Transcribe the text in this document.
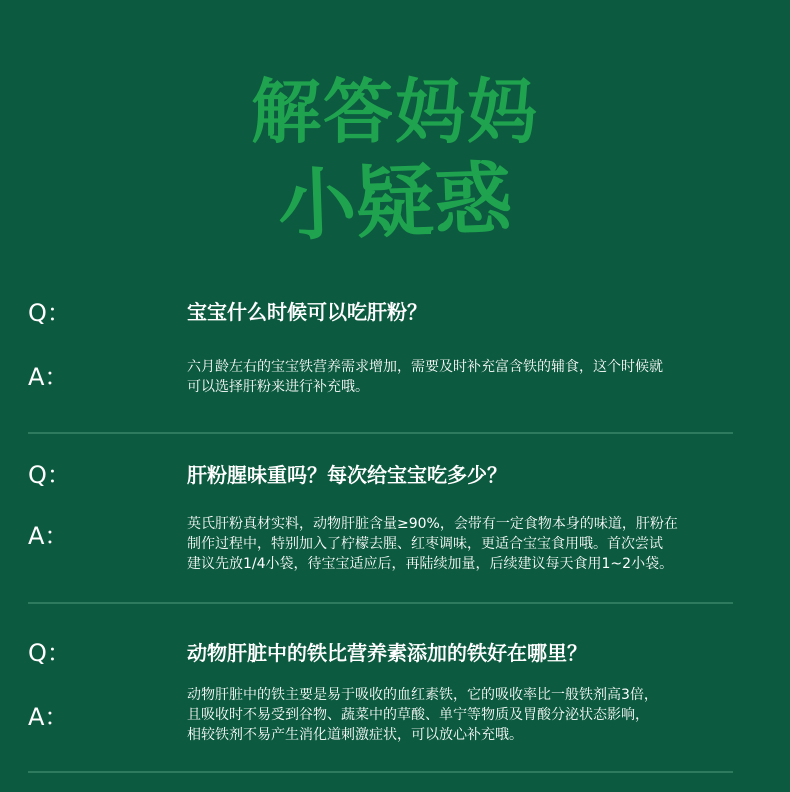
解答妈妈
小疑惑
Q：	宝宝什么时候可以吃肝粉？
A：	六月龄左右的宝宝铁营养需求增加，需要及时补充富含铁的辅食，这个时候就
可以选择肝粉来进行补充哦。
Q：	肝粉腥味重吗？每次给宝宝吃多少？
A：	英氏肝粉真材实料，动物肝脏含量≥90%，会带有一定食物本身的味道，肝粉在
制作过程中，特别加入了柠檬去腥、红枣调味，更适合宝宝食用哦。首次尝试
建议先放1/4小袋，待宝宝适应后，再陆续加量，后续建议每天食用1~2小袋。
Q：	动物肝脏中的铁比营养素添加的铁好在哪里？
A：
动物肝脏中的铁主要是易于吸收的血红素铁，它的吸收率比一般铁剂高3倍，
且吸收时不易受到谷物、蔬菜中的草酸、单宁等物质及胃酸分泌状态影响，
相较铁剂不易产生消化道刺激症状，可以放心补充哦。
